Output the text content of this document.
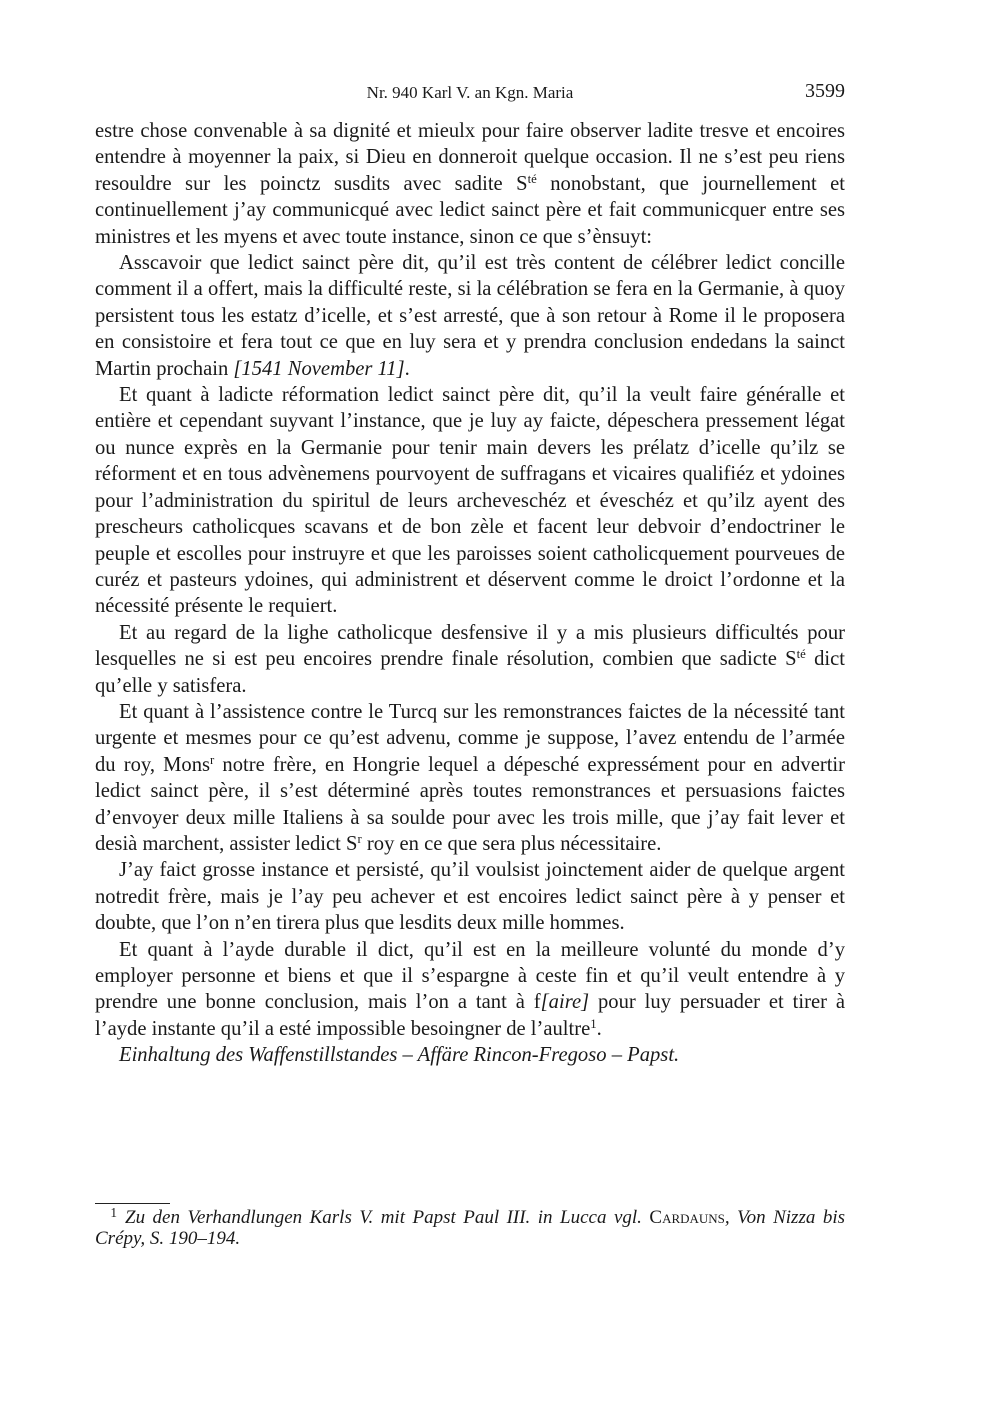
Nr. 940 Karl V. an Kgn. Maria	3599

estre chose convenable à sa dignité et mieulx pour faire observer ladite tresve et encoires entendre à moyenner la paix, si Dieu en donneroit quelque occasion. Il ne s’est peu riens resouldre sur les poinctz susdits avec sadite $S^{té}$ nonobstant, que journellement et continuellement j’ay communicqué avec ledict sainct père et fait communicquer entre ses ministres et les myens et avec toute instance, sinon ce que s’ènsuyt:

Asscavoir que ledict sainct père dit, qu’il est très content de célébrer ledict concille comment il a offert, mais la difficulté reste, si la célébration se fera en la Germanie, à quoy persistent tous les estatz d’icelle, et s’est arresté, que à son retour à Rome il le proposera en consistoire et fera tout ce que en luy sera et y prendra conclusion endedans la sainct Martin prochain [1541 November 11].

Et quant à ladicte réformation ledict sainct père dit, qu’il la veult faire généralle et entière et cependant suyvant l’instance, que je luy ay faicte, dépeschera pressement légat ou nunce exprès en la Germanie pour tenir main devers les prélatz d’icelle qu’ilz se réforment et en tous advènemens pourvoyent de suffragans et vicaires qualifiéz et ydoines pour l’administration du spiritul de leurs archeveschéz et éveschéz et qu’ilz ayent des prescheurs catholicques scavans et de bon zèle et facent leur debvoir d’endoctriner le peuple et escolles pour instruyre et que les paroisses soient catholicquement pourveues de curéz et pasteurs ydoines, qui administrent et déservent comme le droict l’ordonne et la nécessité présente le requiert.

Et au regard de la lighe catholicque desfensive il y a mis plusieurs difficultés pour lesquelles ne si est peu encoires prendre finale résolution, combien que sadicte $S^{té}$ dict qu’elle y satisfera.

Et quant à l’assistence contre le Turcq sur les remonstrances faictes de la nécessité tant urgente et mesmes pour ce qu’est advenu, comme je suppose, l’avez entendu de l’armée du roy, Mons$^r$ notre frère, en Hongrie lequel a dépesché expressément pour en advertir ledict sainct père, il s’est déterminé après toutes remonstrances et persuasions faictes d’envoyer deux mille Italiens à sa soulde pour avec les trois mille, que j’ay fait lever et desià marchent, assister ledict $S^r$ roy en ce que sera plus nécessitaire.

J’ay faict grosse instance et persisté, qu’il voulsist joinctement aider de quelque argent notredit frère, mais je l’ay peu achever et est encoires ledict sainct père à y penser et doubte, que l’on n’en tirera plus que lesdits deux mille hommes.

Et quant à l’ayde durable il dict, qu’il est en la meilleure volunté du monde d’y employer personne et biens et que il s’espargne à ceste fin et qu’il veult entendre à y prendre une bonne conclusion, mais l’on a tant à f[aire] pour luy persuader et tirer à l’ayde instante qu’il a esté impossible besoingner de l’aultre$^1$.

Einhaltung des Waffenstillstandes – Affäre Rincon-Fregoso – Papst.

1 Zu den Verhandlungen Karls V. mit Papst Paul III. in Lucca vgl. Cardauns, Von Nizza bis Crépy, S. 190–194.
